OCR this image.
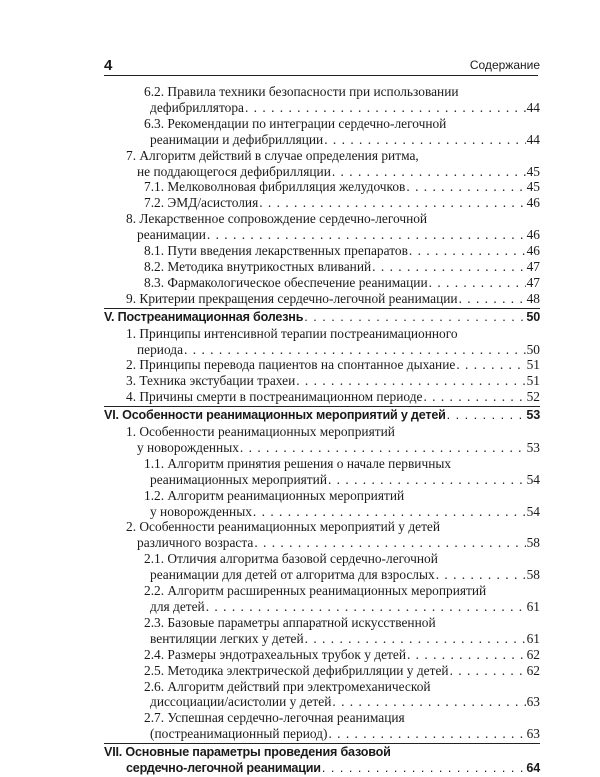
4	Содержание
6.2. Правила техники безопасности при использовании
дефибриллятора . . .	44
6.3. Рекомендации по интеграции сердечно-легочной
реанимации и дефибрилляции . . .	44
7. Алгоритм действий в случае определения ритма,
не поддающегося дефибрилляции . . .	45
7.1. Мелковолновая фибрилляция желудочков . . .	45
7.2. ЭМД/асистолия . . .	46
8. Лекарственное сопровождение сердечно-легочной
реанимации . . .	46
8.1. Пути введения лекарственных препаратов . . .	46
8.2. Методика внутрикостных вливаний . . .	47
8.3. Фармакологическое обеспечение реанимации . . .	47
9. Критерии прекращения сердечно-легочной реанимации . . .	48
V. Постреанимационная болезнь . . .	50
1. Принципы интенсивной терапии постреанимационного
периода . . .	50
2. Принципы перевода пациентов на спонтанное дыхание . . .	51
3. Техника экстубации трахеи . . .	51
4. Причины смерти в постреанимационном периоде . . .	52
VI. Особенности реанимационных мероприятий у детей . . .	53
1. Особенности реанимационных мероприятий
у новорожденных . . .	53
1.1. Алгоритм принятия решения о начале первичных
реанимационных мероприятий . . .	54
1.2. Алгоритм реанимационных мероприятий
у новорожденных . . .	54
2. Особенности реанимационных мероприятий у детей
различного возраста . . .	58
2.1. Отличия алгоритма базовой сердечно-легочной
реанимации для детей от алгоритма для взрослых . . .	58
2.2. Алгоритм расширенных реанимационных мероприятий
для детей . . .	61
2.3. Базовые параметры аппаратной искусственной
вентиляции легких у детей . . .	61
2.4. Размеры эндотрахеальных трубок у детей . . .	62
2.5. Методика электрической дефибрилляции у детей . . .	62
2.6. Алгоритм действий при электромеханической
диссоциации/асистолии у детей . . .	63
2.7. Успешная сердечно-легочная реанимация
(постреанимационный период) . . .	63
VII. Основные параметры проведения базовой
сердечно-легочной реанимации . . .	64
